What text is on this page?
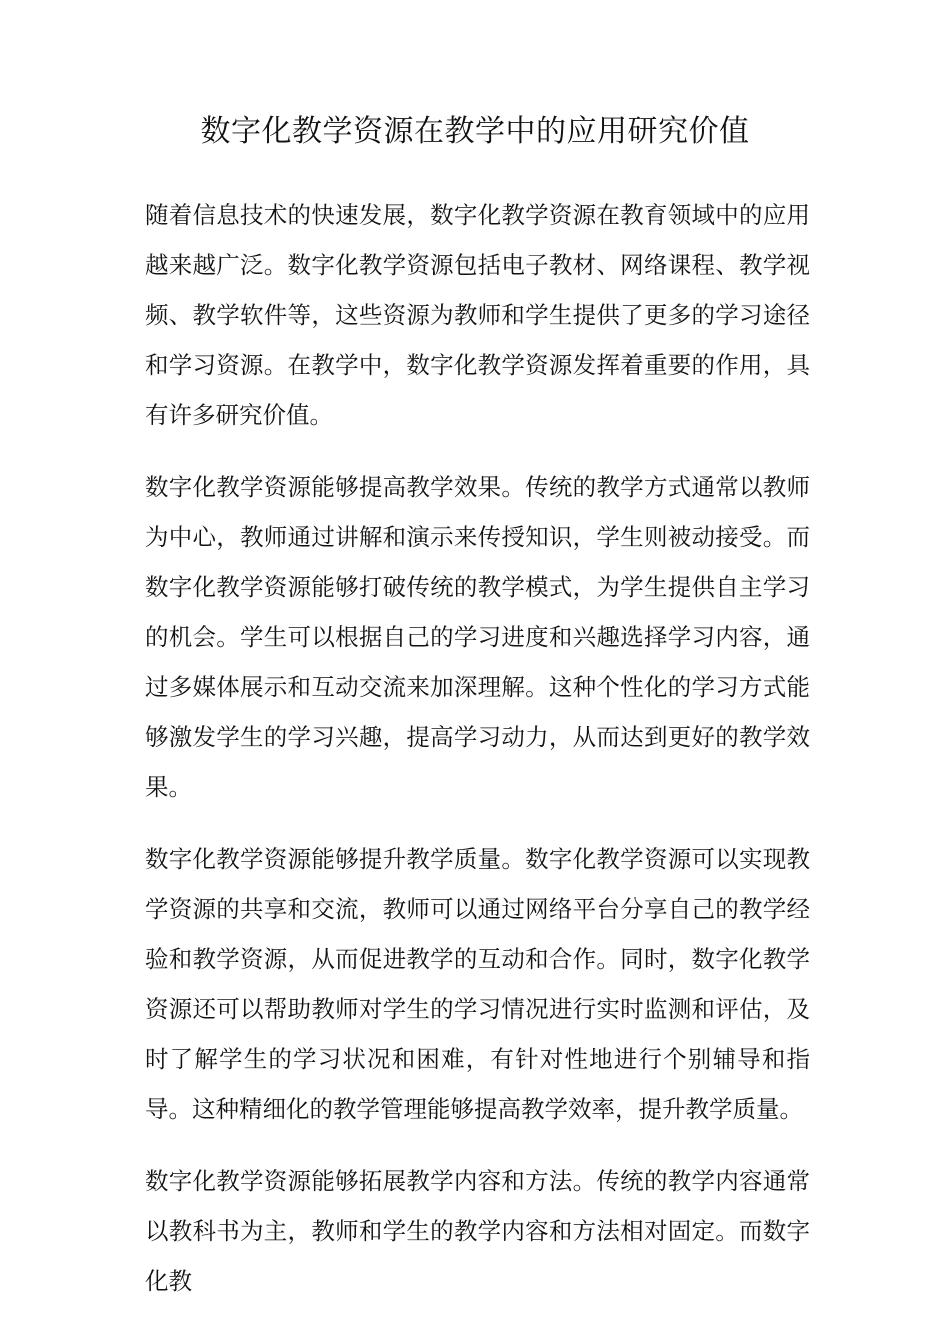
数字化教学资源在教学中的应用研究价值

随着信息技术的快速发展，数字化教学资源在教育领域中的应用越来越广泛。数字化教学资源包括电子教材、网络课程、教学视频、教学软件等，这些资源为教师和学生提供了更多的学习途径和学习资源。在教学中，数字化教学资源发挥着重要的作用，具有许多研究价值。

数字化教学资源能够提高教学效果。传统的教学方式通常以教师为中心，教师通过讲解和演示来传授知识，学生则被动接受。而数字化教学资源能够打破传统的教学模式，为学生提供自主学习的机会。学生可以根据自己的学习进度和兴趣选择学习内容，通过多媒体展示和互动交流来加深理解。这种个性化的学习方式能够激发学生的学习兴趣，提高学习动力，从而达到更好的教学效果。

数字化教学资源能够提升教学质量。数字化教学资源可以实现教学资源的共享和交流，教师可以通过网络平台分享自己的教学经验和教学资源，从而促进教学的互动和合作。同时，数字化教学资源还可以帮助教师对学生的学习情况进行实时监测和评估，及时了解学生的学习状况和困难，有针对性地进行个别辅导和指导。这种精细化的教学管理能够提高教学效率，提升教学质量。

数字化教学资源能够拓展教学内容和方法。传统的教学内容通常以教科书为主，教师和学生的教学内容和方法相对固定。而数字化教
